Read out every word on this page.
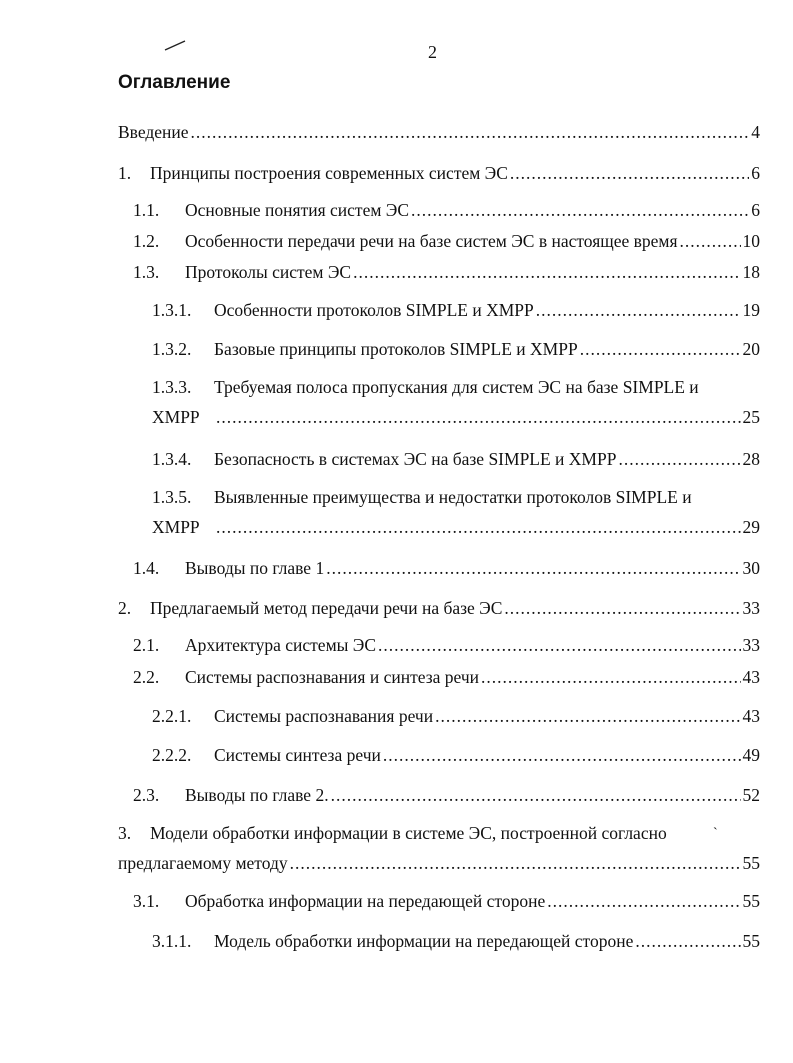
2
Оглавление
Введение .....	4
1.	Принципы построения современных систем ЭС .....	6
1.1.	Основные понятия систем ЭС .....	6
1.2.	Особенности передачи речи на базе систем ЭС в настоящее время .....	10
1.3.	Протоколы систем ЭС .....	18
1.3.1.	Особенности протоколов SIMPLE и XMPP .....	19
1.3.2.	Базовые принципы протоколов SIMPLE и XMPP .....	20
1.3.3. Требуемая полоса пропускания для систем ЭС на базе SIMPLE и
XMPP .....	25
1.3.4.	Безопасность в системах ЭС на базе SIMPLE и XMPP .....	28
1.3.5. Выявленные преимущества и недостатки протоколов SIMPLE и
XMPP .....	29
1.4.	Выводы по главе 1 .....	30
2.	Предлагаемый метод передачи речи на базе ЭС .....	33
2.1.	Архитектура системы ЭС .....	33
2.2.	Системы распознавания и синтеза речи .....	43
2.2.1.	Системы распознавания речи .....	43
2.2.2.	Системы синтеза речи .....	49
2.3.	Выводы по главе 2. .....	52
3. Модели обработки информации в системе ЭС, построенной согласно	ˋ
предлагаемому методу .....	55
3.1.	Обработка информации на передающей стороне .....	55
3.1.1.	Модель обработки информации на передающей стороне .....	55
